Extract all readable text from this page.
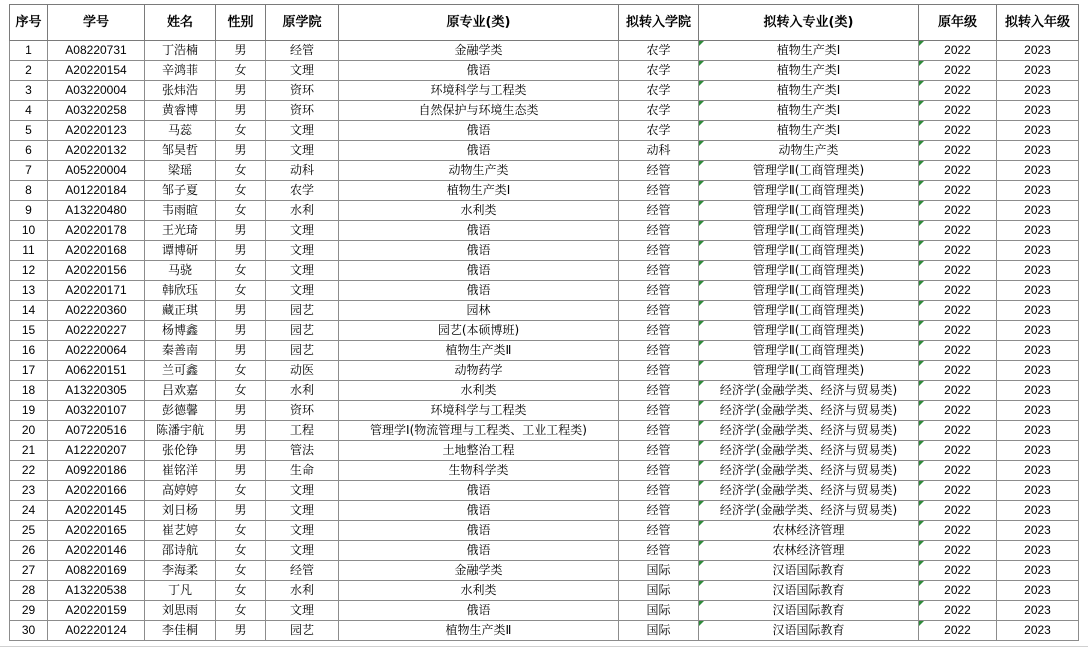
序号	学号	姓名	性别	原学院	原专业(类)	拟转入学院	拟转入专业(类)	原年级	拟转入年级
1	A08220731	丁浩楠	男	经管	金融学类	农学	植物生产类Ⅰ	2022	2023
2	A20220154	辛鸿菲	女	文理	俄语	农学	植物生产类Ⅰ	2022	2023
3	A03220004	张炜浩	男	资环	环境科学与工程类	农学	植物生产类Ⅰ	2022	2023
4	A03220258	黄睿博	男	资环	自然保护与环境生态类	农学	植物生产类Ⅰ	2022	2023
5	A20220123	马蕊	女	文理	俄语	农学	植物生产类Ⅰ	2022	2023
6	A20220132	邹昊哲	男	文理	俄语	动科	动物生产类	2022	2023
7	A05220004	梁瑶	女	动科	动物生产类	经管	管理学Ⅱ(工商管理类)	2022	2023
8	A01220184	邹子夏	女	农学	植物生产类Ⅰ	经管	管理学Ⅱ(工商管理类)	2022	2023
9	A13220480	韦雨暄	女	水利	水利类	经管	管理学Ⅱ(工商管理类)	2022	2023
10	A20220178	王光琦	男	文理	俄语	经管	管理学Ⅱ(工商管理类)	2022	2023
11	A20220168	谭博研	男	文理	俄语	经管	管理学Ⅱ(工商管理类)	2022	2023
12	A20220156	马骁	女	文理	俄语	经管	管理学Ⅱ(工商管理类)	2022	2023
13	A20220171	韩欣珏	女	文理	俄语	经管	管理学Ⅱ(工商管理类)	2022	2023
14	A02220360	藏正琪	男	园艺	园林	经管	管理学Ⅱ(工商管理类)	2022	2023
15	A02220227	杨博鑫	男	园艺	园艺(本硕博班)	经管	管理学Ⅱ(工商管理类)	2022	2023
16	A02220064	秦善南	男	园艺	植物生产类Ⅱ	经管	管理学Ⅱ(工商管理类)	2022	2023
17	A06220151	兰可鑫	女	动医	动物药学	经管	管理学Ⅱ(工商管理类)	2022	2023
18	A13220305	吕欢嘉	女	水利	水利类	经管	经济学(金融学类、经济与贸易类)	2022	2023
19	A03220107	彭德馨	男	资环	环境科学与工程类	经管	经济学(金融学类、经济与贸易类)	2022	2023
20	A07220516	陈潘宇航	男	工程	管理学Ⅰ(物流管理与工程类、工业工程类)	经管	经济学(金融学类、经济与贸易类)	2022	2023
21	A12220207	张伦铮	男	管法	土地整治工程	经管	经济学(金融学类、经济与贸易类)	2022	2023
22	A09220186	崔铭洋	男	生命	生物科学类	经管	经济学(金融学类、经济与贸易类)	2022	2023
23	A20220166	高婷婷	女	文理	俄语	经管	经济学(金融学类、经济与贸易类)	2022	2023
24	A20220145	刘日杨	男	文理	俄语	经管	经济学(金融学类、经济与贸易类)	2022	2023
25	A20220165	崔艺婷	女	文理	俄语	经管	农林经济管理	2022	2023
26	A20220146	邵诗航	女	文理	俄语	经管	农林经济管理	2022	2023
27	A08220169	李海柔	女	经管	金融学类	国际	汉语国际教育	2022	2023
28	A13220538	丁凡	女	水利	水利类	国际	汉语国际教育	2022	2023
29	A20220159	刘思雨	女	文理	俄语	国际	汉语国际教育	2022	2023
30	A02220124	李佳桐	男	园艺	植物生产类Ⅱ	国际	汉语国际教育	2022	2023
